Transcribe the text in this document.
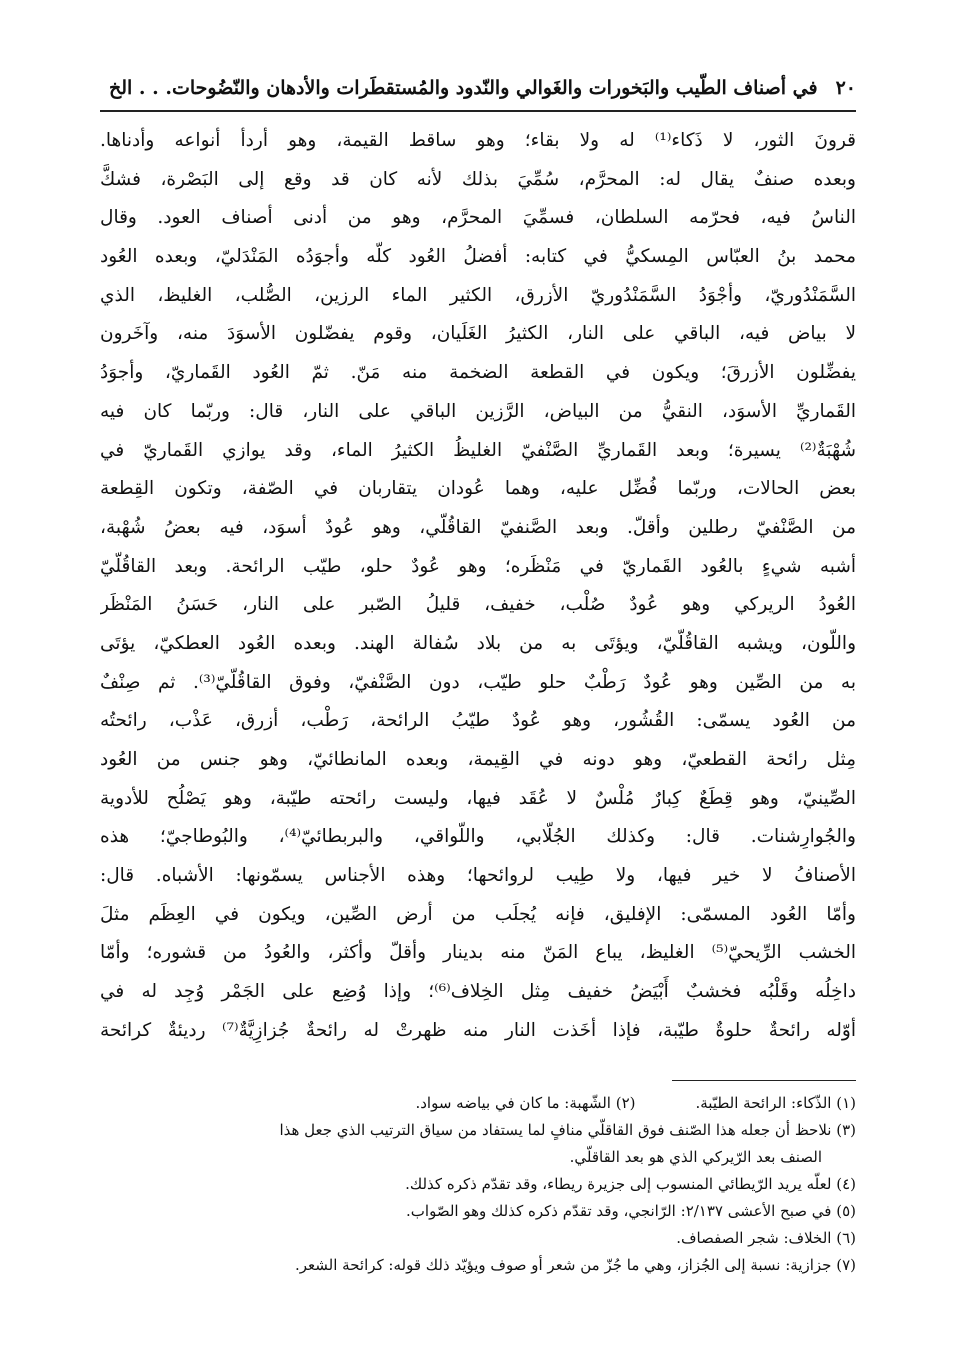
٢٠
في أصناف الطّيب والبَخورات والغَوالي والنّدود والمُستقطَرات والأدهان والنّضُوحات. . . الخ
قرونَ الثور، لا ذَكاء⁽¹⁾ له ولا بقاء؛ وهو ساقط القيمة، وهو أردأ أنواعه وأدناها.
وبعده صنفٌ يقال له: المحرَّم، سُمِّيَ بذلك لأنه كان قد وقع إلى البَصْرة، فشكَّ
الناسُ فيه، فحرّمه السلطان، فسمِّيَ المحرَّم، وهو من أدنى أصناف العود. وقال
محمد بنُ العبّاس المِسكيُّ في كتابه: أفضلُ العُود كلّه وأجوَدُه المَنْدَليّ، وبعده العُود
السَّمَنْدُوريّ، وأجْوَدُ السَّمَنْدُوريّ الأزرق، الكثير الماء الرزين، الصُّلب، الغليظ، الذي
لا بياض فيه، الباقي على النار، الكثيرُ الغَلَيان، وقوم يفضّلون الأسوَدَ منه، وآخَرون
يفضِّلون الأزرقَ؛ ويكون في القطعة الضخمة منه مَنّ. ثمّ العُود القَماريّ، وأجوَدُ
القَماريِّ الأسوَد، النقيُّ من البياض، الرَّزين الباقي على النار، قال: وربّما كان فيه
شُهْبَةٌ⁽²⁾ يسيرة؛ وبعد القَماريِّ الصَّنْفيّ الغليظُ الكثيرُ الماء، وقد يوازي القَماريّ في
بعض الحالات، وربّما فُضِّل عليه، وهما عُودان يتقاربان في الصّفة، وتكون القِطعة
من الصَّنْفيّ رطلين وأقلّ. وبعد الصَّنفيّ القاقُلّي، وهو عُودٌ أسوَد، فيه بعضُ شُهْبة،
أشبه شيءٍ بالعُود القَماريّ في مَنْظَره؛ وهو عُودٌ حلو، طيّب الرائحة. وبعد القاقُلّيّ
العُودُ الريركي وهو عُودٌ صُلْب، خفيف، قليلُ الصّبر على النار، حَسَنُ المَنْظَر
واللّون، ويشبه القاقُلّيّ، ويؤتَى به من بلاد سُفالة الهند. وبعده العُود العطكيّ، يؤتَى
به من الصِّين وهو عُودٌ رَطْبٌ حلو طيّب، دون الصَّنْفيّ، وفوق القاقُلّيّ⁽³⁾. ثم صِنْفٌ
من العُود يسمّى: القُشُور، وهو عُودٌ طيّبُ الرائحة، رَطْب، أزرق، عَذْب، رائحتُه
مِثل رائحة القطعيّ، وهو دونه في القِيمة، وبعده المانطائيّ، وهو جنس من العُود
الصِّينيّ، وهو قِطَعٌ كِبارٌ مُلْسٌ لا عُقَد فيها، وليست رائحته طيّبة، وهو يَصْلُح للأدوية
والجُوارِشنات. قال: وكذلك الجُلّابي، واللّواقي، والبربطائيّ⁽⁴⁾، والبُوطاجيّ؛ هذه
الأصنافُ لا خير فيها، ولا طِيب لروائحها؛ وهذه الأجناس يسمّونها: الأشباه. قال:
وأمّا العُود المسمّى: الإفليق، فإنه يُجلَب من أرض الصِّين، ويكون في العِظَم مثلَ
الخشب الرِّيحيّ⁽⁵⁾ الغليظ، يباع المَنّ منه بدينار وأقلّ وأكثر، والعُودُ من قشوره؛ وأمّا
داخِلُه وقَلْبُه فخشبٌ أَبْيَضُ خفيف مِثل الخِلاف⁽⁶⁾؛ وإذا وُضِع على الجَمْر وُجِد له في
أوّله رائحةٌ حلوةٌ طيّبة، فإذا أخَذت النار منه ظهرتْ له رائحةٌ جُزازِيَّةٌ⁽⁷⁾ رديئةٌ كرائحة
(١) الذّكاء: الرائحة الطيّبة.
(٢) الشّهبة: ما كان في بياضه سواد.
(٣) نلاحظ أن جعله هذا الصّنف فوق القاقلّي منافٍ لما يستفاد من سياق الترتيب الذي جعل هذا
الصنف بعد الرّيركي الذي هو بعد القاقلّي.
(٤) لعلّه يريد الرّيطائي المنسوب إلى جزيرة ريطاء، وقد تقدّم ذكره كذلك.
(٥) في صبح الأعشى ٢/١٣٧: الرّانجي، وقد تقدّم ذكره كذلك وهو الصّواب.
(٦) الخلاف: شجر الصفصاف.
(٧) جزازية: نسبة إلى الجُزاز، وهي ما جُزّ من شعر أو صوف ويؤيّد ذلك قوله: كرائحة الشعر.
